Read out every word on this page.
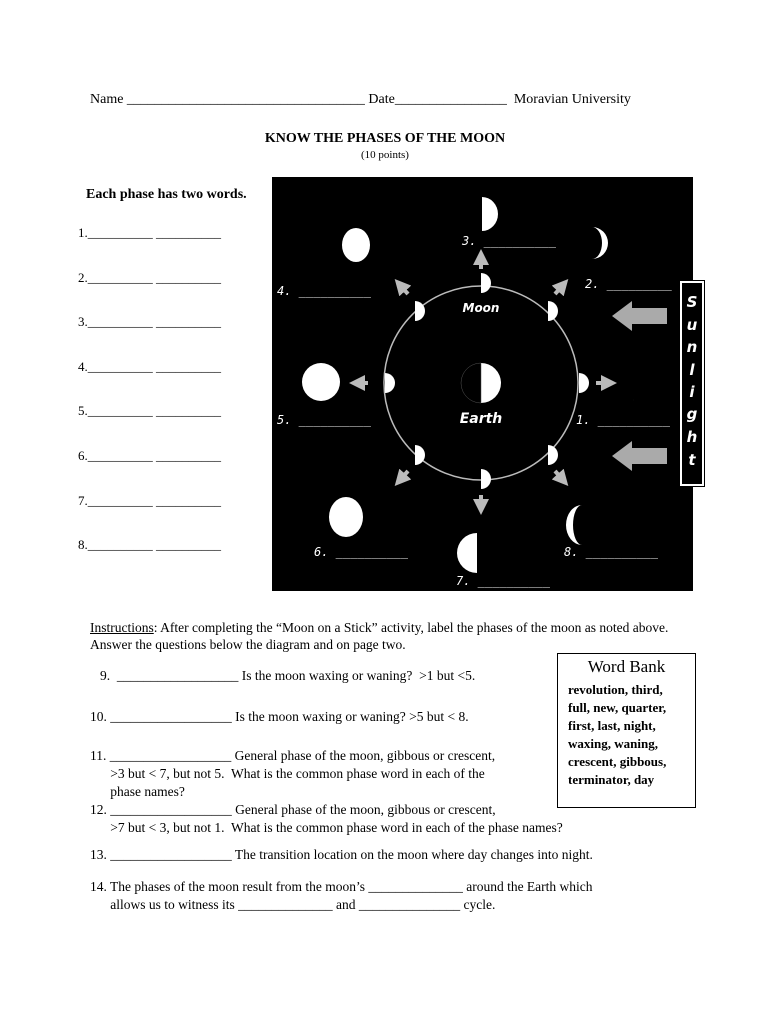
Name __________________________________ Date________________  Moravian University
KNOW THE PHASES OF THE MOON
(10 points)
Each phase has two words.
1.__________ __________
2.__________ __________
3.__________ __________
4.__________ __________
5.__________ __________
6.__________ __________
7.__________ __________
8.__________ __________
Earth
Moon
3. __________
2. _________
4. __________
5. __________	1. __________
6. __________	8. __________
7. __________
S
u
n
l
i
g
h
t
Instructions: After completing the “Moon on a Stick” activity, label the phases of the moon as noted above. Answer the questions below the diagram and on page two.
9.  __________________ Is the moon waxing or waning?  >1 but <5.
10. __________________ Is the moon waxing or waning? >5 but < 8.
11. __________________ General phase of the moon, gibbous or crescent,
>3 but < 7, but not 5.  What is the common phase word in each of the
phase names?
12. __________________ General phase of the moon, gibbous or crescent,
>7 but < 3, but not 1.  What is the common phase word in each of the phase names?
13. __________________ The transition location on the moon where day changes into night.
14. The phases of the moon result from the moon’s ______________ around the Earth which
allows us to witness its ______________ and _______________ cycle.
Word Bank
revolution, third,
full, new, quarter,
first, last, night,
waxing, waning,
crescent, gibbous,
terminator, day
